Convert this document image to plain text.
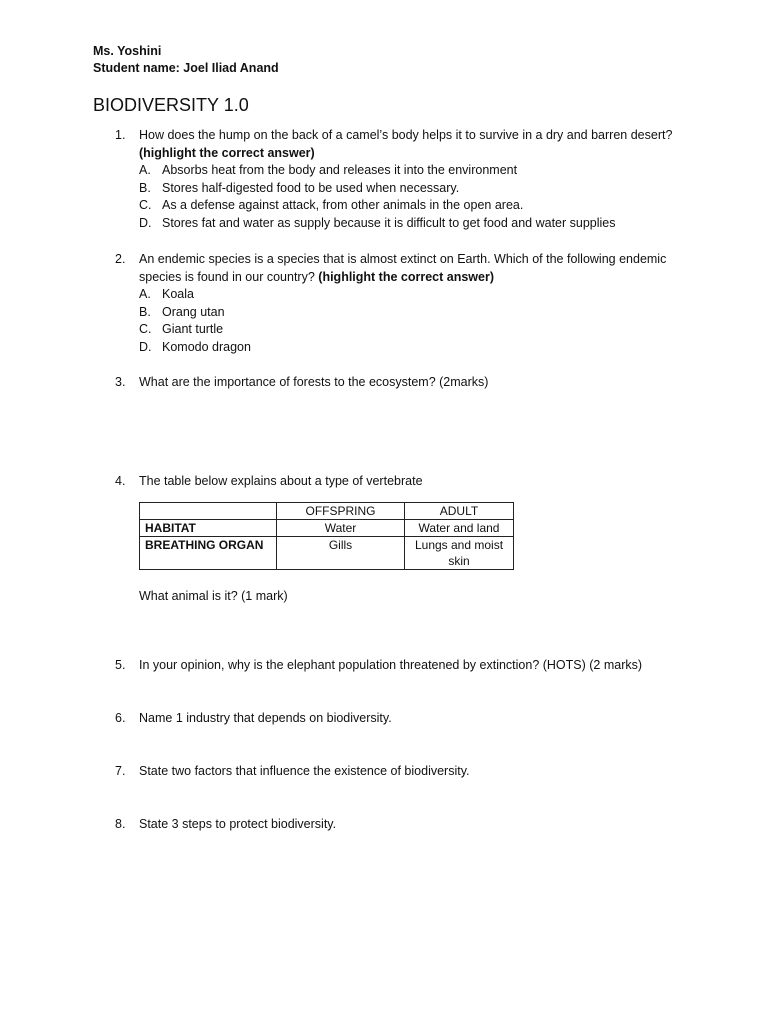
Ms. Yoshini
Student name: Joel Iliad Anand
BIODIVERSITY 1.0
1.	How does the hump on the back of a camel’s body helps it to survive in a dry and barren desert? (highlight the correct answer)
A. Absorbs heat from the body and releases it into the environment
B. Stores half-digested food to be used when necessary.
C. As a defense against attack, from other animals in the open area.
D. Stores fat and water as supply because it is difficult to get food and water supplies
2.	An endemic species is a species that is almost extinct on Earth. Which of the following endemic species is found in our country? (highlight the correct answer)
A. Koala
B. Orang utan
C. Giant turtle
D. Komodo dragon
3.	What are the importance of forests to the ecosystem? (2marks)
4.	The table below explains about a type of vertebrate
	OFFSPRING	ADULT
HABITAT	Water	Water and land
BREATHING ORGAN	Gills	Lungs and moist skin
What animal is it? (1 mark)
5.	In your opinion, why is the elephant population threatened by extinction? (HOTS) (2 marks)
6.	Name 1 industry that depends on biodiversity.
7.	State two factors that influence the existence of biodiversity.
8.	State 3 steps to protect biodiversity.
